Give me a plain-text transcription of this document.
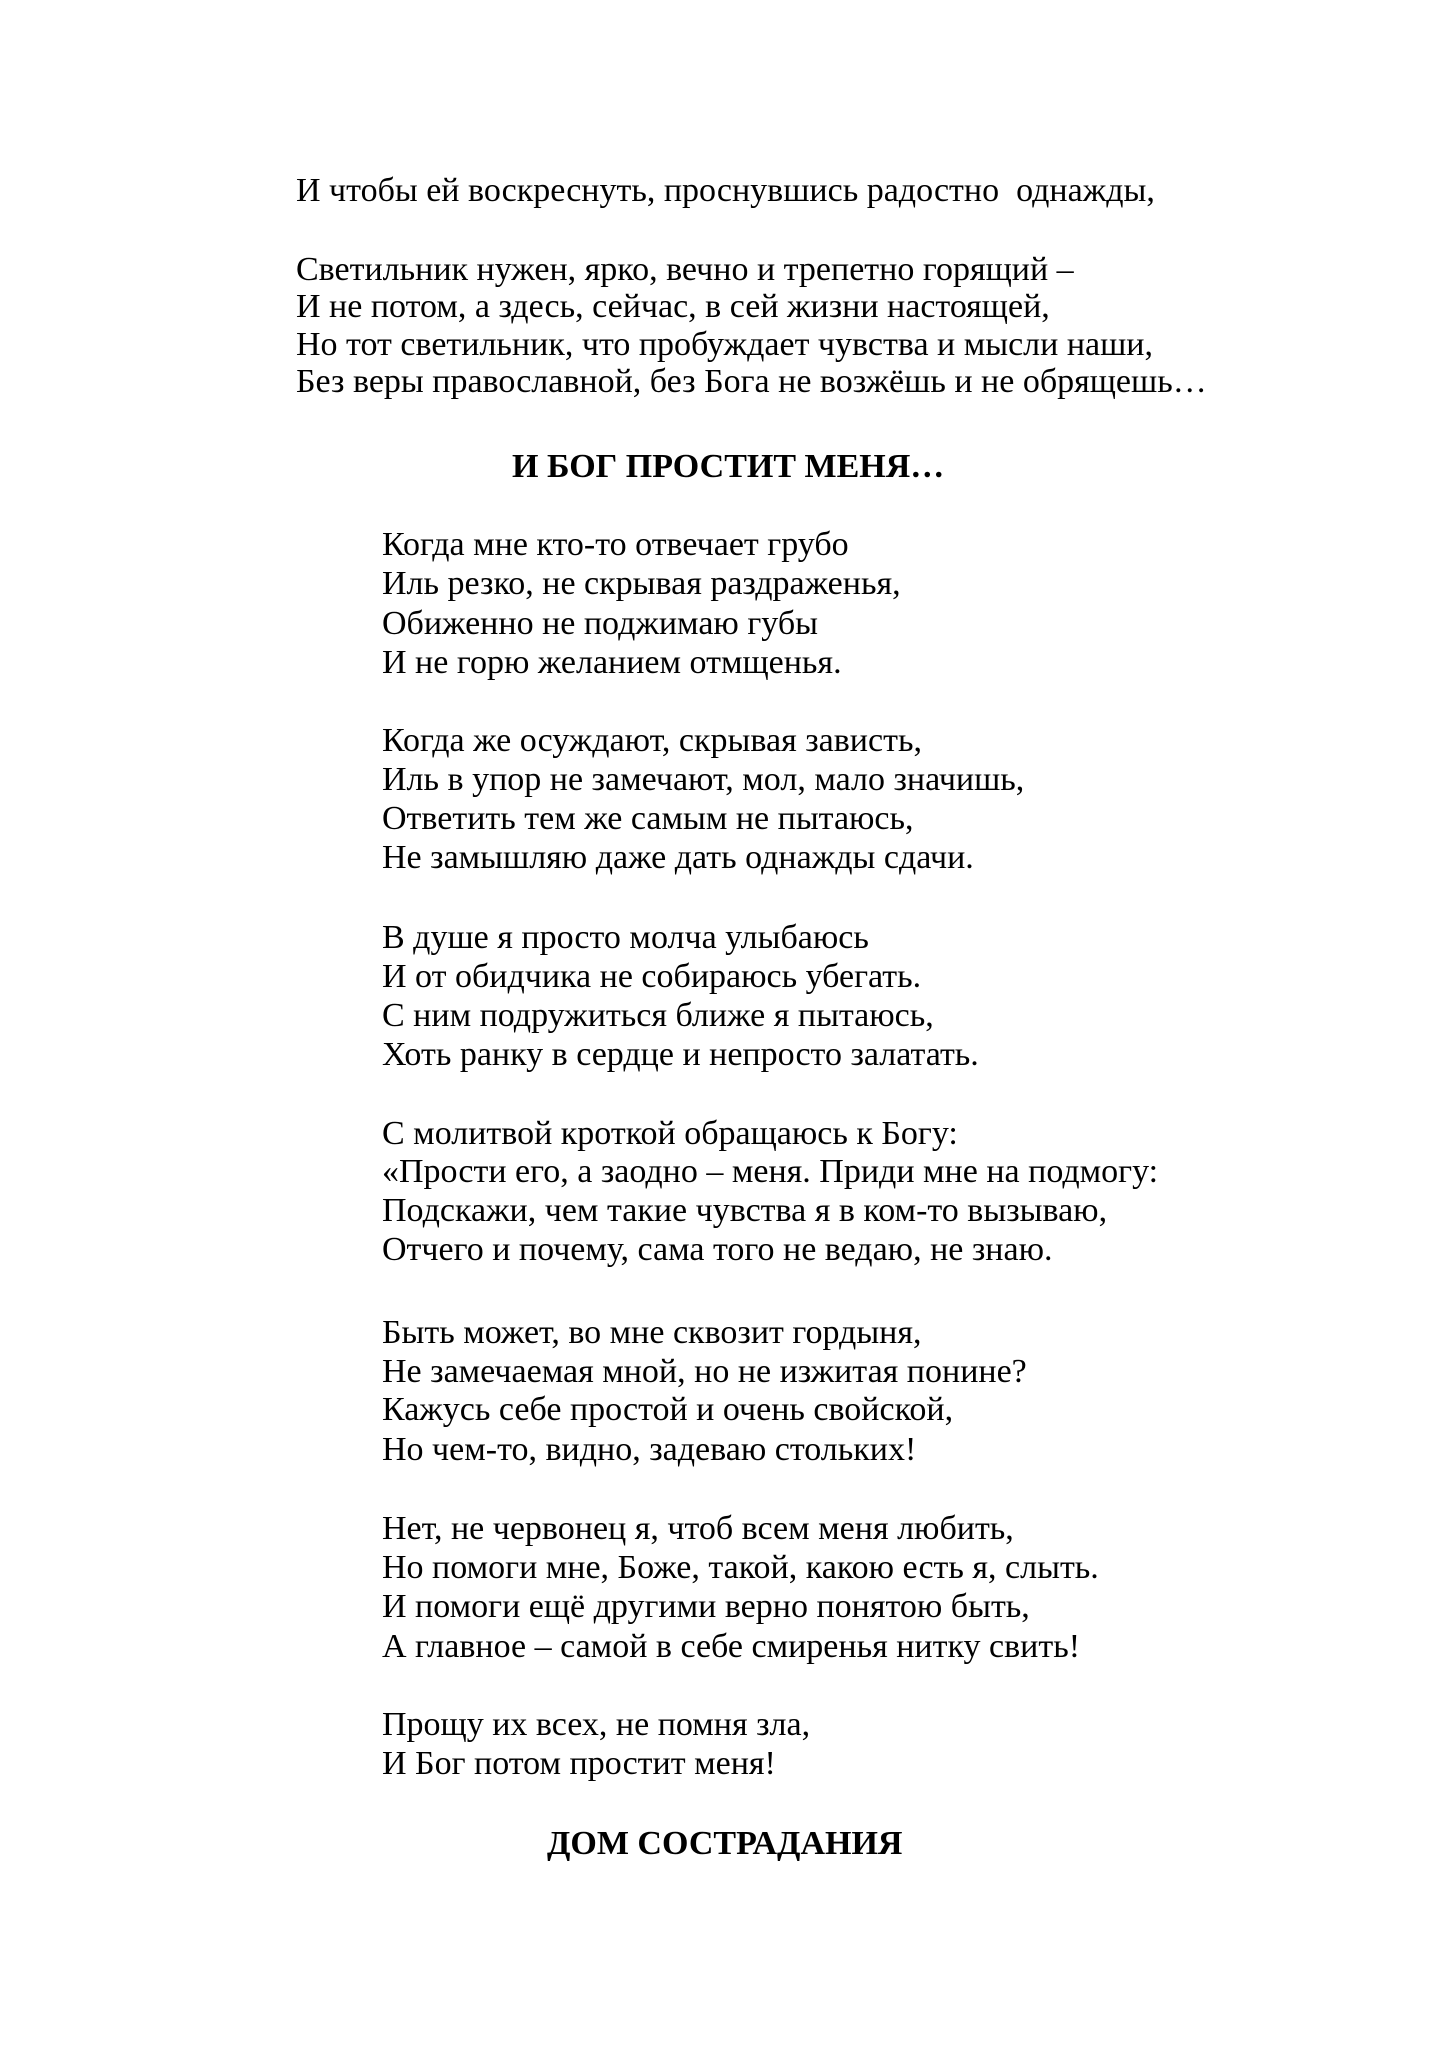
И чтобы ей воскреснуть, проснувшись радостно  однажды,
Светильник нужен, ярко, вечно и трепетно горящий –
И не потом, а здесь, сейчас, в сей жизни настоящей,
Но тот светильник, что пробуждает чувства и мысли наши,
Без веры православной, без Бога не возжёшь и не обрящешь…
И БОГ ПРОСТИТ МЕНЯ…
Когда мне кто-то отвечает грубо
Иль резко, не скрывая раздраженья,
Обиженно не поджимаю губы
И не горю желанием отмщенья.
Когда же осуждают, скрывая зависть,
Иль в упор не замечают, мол, мало значишь,
Ответить тем же самым не пытаюсь,
Не замышляю даже дать однажды сдачи.
В душе я просто молча улыбаюсь
И от обидчика не собираюсь убегать.
С ним подружиться ближе я пытаюсь,
Хоть ранку в сердце и непросто залатать.
С молитвой кроткой обращаюсь к Богу:
«Прости его, а заодно – меня. Приди мне на подмогу:
Подскажи, чем такие чувства я в ком-то вызываю,
Отчего и почему, сама того не ведаю, не знаю.
Быть может, во мне сквозит гордыня,
Не замечаемая мной, но не изжитая понине?
Кажусь себе простой и очень свойской,
Но чем-то, видно, задеваю стольких!
Нет, не червонец я, чтоб всем меня любить,
Но помоги мне, Боже, такой, какою есть я, слыть.
И помоги ещё другими верно понятою быть,
А главное – самой в себе смиренья нитку свить!
Прощу их всех, не помня зла,
И Бог потом простит меня!
ДОМ СОСТРАДАНИЯ
